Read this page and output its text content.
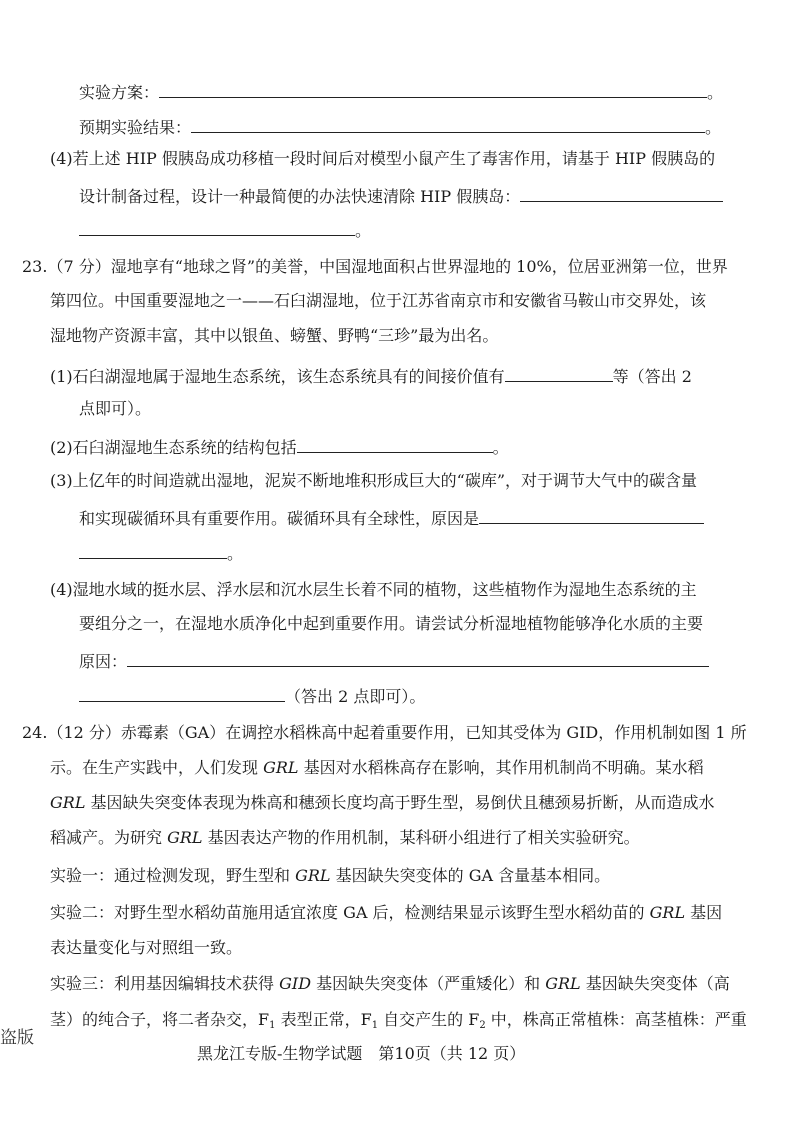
实验方案：	。
预期实验结果：	。
(4)若上述 HIP 假胰岛成功移植一段时间后对模型小鼠产生了毒害作用，请基于 HIP 假胰岛的
设计制备过程，设计一种最简便的办法快速清除 HIP 假胰岛：
。
23.（7 分）湿地享有“地球之肾”的美誉，中国湿地面积占世界湿地的 10%，位居亚洲第一位，世界
第四位。中国重要湿地之一——石臼湖湿地，位于江苏省南京市和安徽省马鞍山市交界处，该
湿地物产资源丰富，其中以银鱼、螃蟹、野鸭“三珍”最为出名。
(1)石臼湖湿地属于湿地生态系统，该生态系统具有的间接价值有	等（答出 2
点即可）。
(2)石臼湖湿地生态系统的结构包括	。
(3)上亿年的时间造就出湿地，泥炭不断地堆积形成巨大的“碳库”，对于调节大气中的碳含量
和实现碳循环具有重要作用。碳循环具有全球性，原因是
。
(4)湿地水域的挺水层、浮水层和沉水层生长着不同的植物，这些植物作为湿地生态系统的主
要组分之一，在湿地水质净化中起到重要作用。请尝试分析湿地植物能够净化水质的主要
原因：
（答出 2 点即可）。
24.（12 分）赤霉素（GA）在调控水稻株高中起着重要作用，已知其受体为 GID，作用机制如图 1 所
示。在生产实践中，人们发现 GRL 基因对水稻株高存在影响，其作用机制尚不明确。某水稻
GRL 基因缺失突变体表现为株高和穗颈长度均高于野生型，易倒伏且穗颈易折断，从而造成水
稻减产。为研究 GRL 基因表达产物的作用机制，某科研小组进行了相关实验研究。
实验一：通过检测发现，野生型和 GRL 基因缺失突变体的 GA 含量基本相同。
实验二：对野生型水稻幼苗施用适宜浓度 GA 后，检测结果显示该野生型水稻幼苗的 GRL 基因
表达量变化与对照组一致。
实验三：利用基因编辑技术获得 GID 基因缺失突变体（严重矮化）和 GRL 基因缺失突变体（高
茎）的纯合子，将二者杂交，$F_1$ 表型正常，$F_1$ 自交产生的 $F_2$ 中，株高正常植株：高茎植株：严重
盗版
黑龙江专版-生物学试题　第10页（共 12 页）
